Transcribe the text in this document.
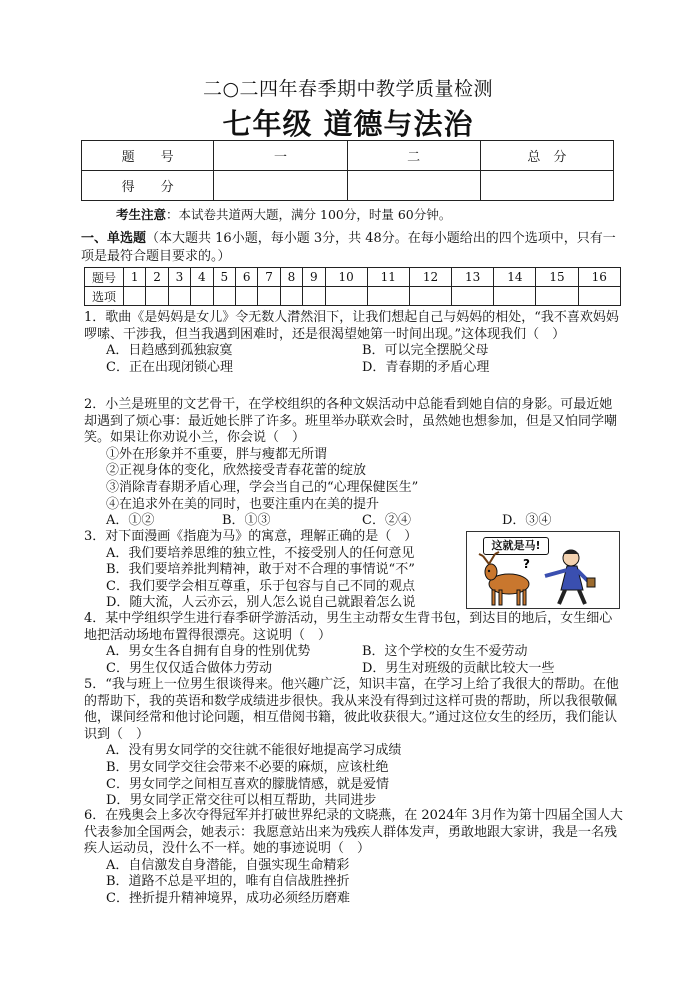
二○二四年春季期中教学质量检测
七年级 道德与法治
题　　号	一	二	总　分
得　　分			
考生注意：本试卷共道两大题，满分 100分，时量 60分钟。
一、单选题（本大题共 16小题，每小题 3分，共 48分。在每小题给出的四个选项中，只有一项是最符合题目要求的。）
题号	1	2	3	4	5	6	7	8	9	10	11	12	13	14	15	16
选项																
1．歌曲《是妈妈是女儿》令无数人潸然泪下，让我们想起自己与妈妈的相处，“我不喜欢妈妈啰嗦、干涉我，但当我遇到困难时，还是很渴望她第一时间出现。”这体现我们（　）
A．日趋感到孤独寂寞	B．可以完全摆脱父母
C．正在出现闭锁心理	D．青春期的矛盾心理
2．小兰是班里的文艺骨干，在学校组织的各种文娱活动中总能看到她自信的身影。可最近她却遇到了烦心事：最近她长胖了许多。班里举办联欢会时，虽然她也想参加，但是又怕同学嘲笑。如果让你劝说小兰，你会说（　）
①外在形象并不重要，胖与瘦都无所谓
②正视身体的变化，欣然接受青春花蕾的绽放
③消除青春期矛盾心理，学会当自己的“心理保健医生”
④在追求外在美的同时，也要注重内在美的提升
A．①②	B．①③	C．②④	D．③④
3．对下面漫画《指鹿为马》的寓意，理解正确的是（　）
A．我们要培养思维的独立性，不接受别人的任何意见
B．我们要培养批判精神，敢于对不合理的事情说“不”
C．我们要学会相互尊重，乐于包容与自己不同的观点
D．随大流，人云亦云，别人怎么说自己就跟着怎么说
这就是马!
?
4．某中学组织学生进行春季研学游活动，男生主动帮女生背书包，到达目的地后，女生细心地把活动场地布置得很漂亮。这说明（　）
A．男女生各自拥有自身的性别优势	B．这个学校的女生不爱劳动
C．男生仅仅适合做体力劳动	D．男生对班级的贡献比较大一些
5．“我与班上一位男生很谈得来。他兴趣广泛，知识丰富，在学习上给了我很大的帮助。在他的帮助下，我的英语和数学成绩进步很快。我从来没有得到过这样可贵的帮助，所以我很敬佩他，课间经常和他讨论问题，相互借阅书籍，彼此收获很大。”通过这位女生的经历，我们能认识到（　）
A．没有男女同学的交往就不能很好地提高学习成绩
B．男女同学交往会带来不必要的麻烦，应该杜绝
C．男女同学之间相互喜欢的朦胧情感，就是爱情
D．男女同学正常交往可以相互帮助，共同进步
6．在残奥会上多次夺得冠军并打破世界纪录的文晓燕，在 2024年 3月作为第十四届全国人大代表参加全国两会，她表示：我愿意站出来为残疾人群体发声，勇敢地跟大家讲，我是一名残疾人运动员，没什么不一样。她的事迹说明（　）
A．自信激发自身潜能，自强实现生命精彩
B．道路不总是平坦的，唯有自信战胜挫折
C．挫折提升精神境界，成功必须经历磨难
